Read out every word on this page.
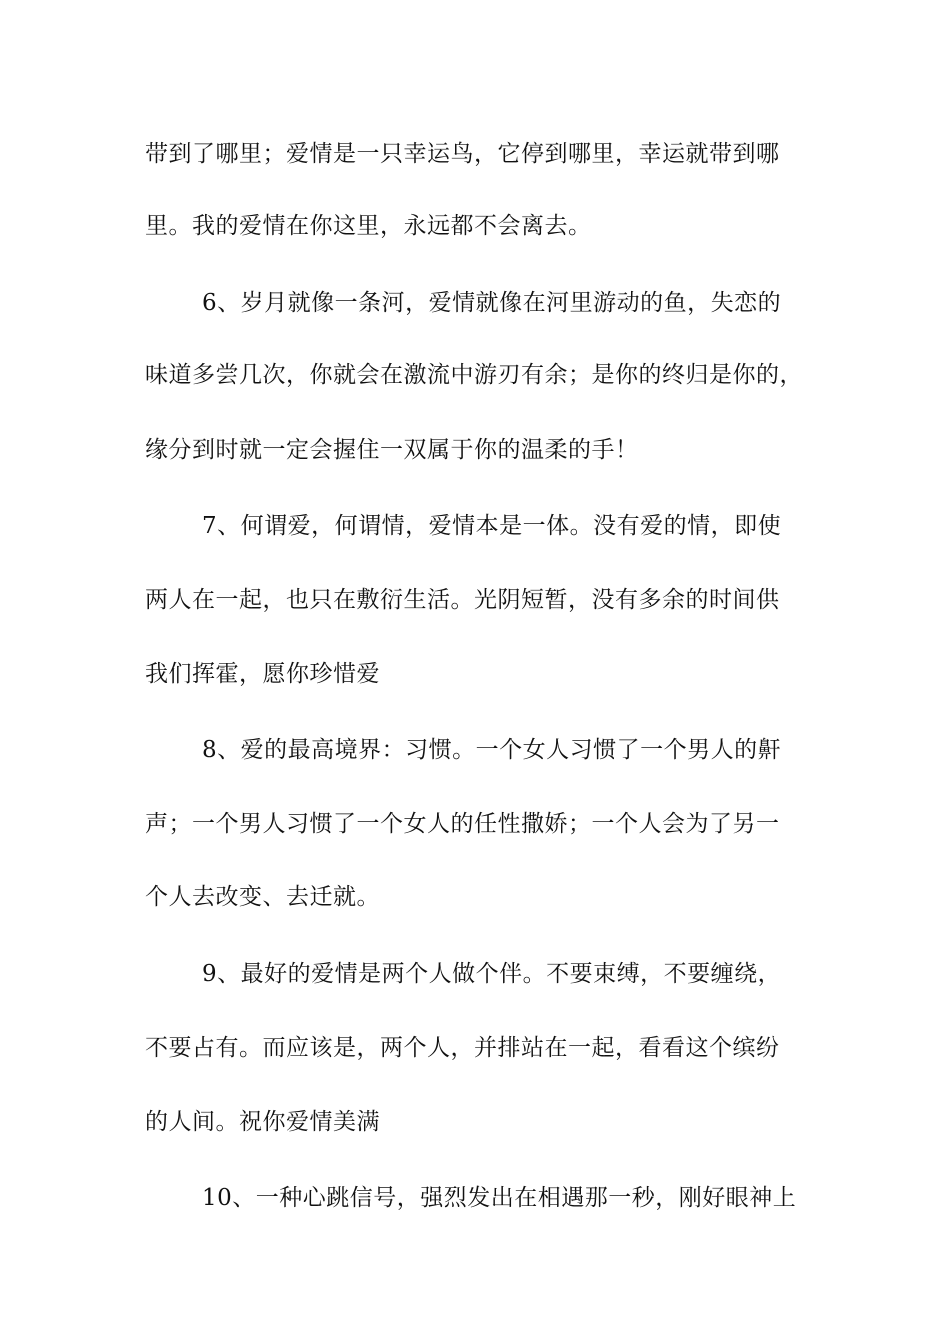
带到了哪里；爱情是一只幸运鸟，它停到哪里，幸运就带到哪
里。我的爱情在你这里，永远都不会离去。
6、岁月就像一条河，爱情就像在河里游动的鱼，失恋的
味道多尝几次，你就会在激流中游刃有余；是你的终归是你的，
缘分到时就一定会握住一双属于你的温柔的手！
7、何谓爱，何谓情，爱情本是一体。没有爱的情，即使
两人在一起，也只在敷衍生活。光阴短暂，没有多余的时间供
我们挥霍，愿你珍惜爱
8、爱的最高境界：习惯。一个女人习惯了一个男人的鼾
声；一个男人习惯了一个女人的任性撒娇；一个人会为了另一
个人去改变、去迁就。
9、最好的爱情是两个人做个伴。不要束缚，不要缠绕，
不要占有。而应该是，两个人，并排站在一起，看看这个缤纷
的人间。祝你爱情美满
10、一种心跳信号，强烈发出在相遇那一秒，刚好眼神上
